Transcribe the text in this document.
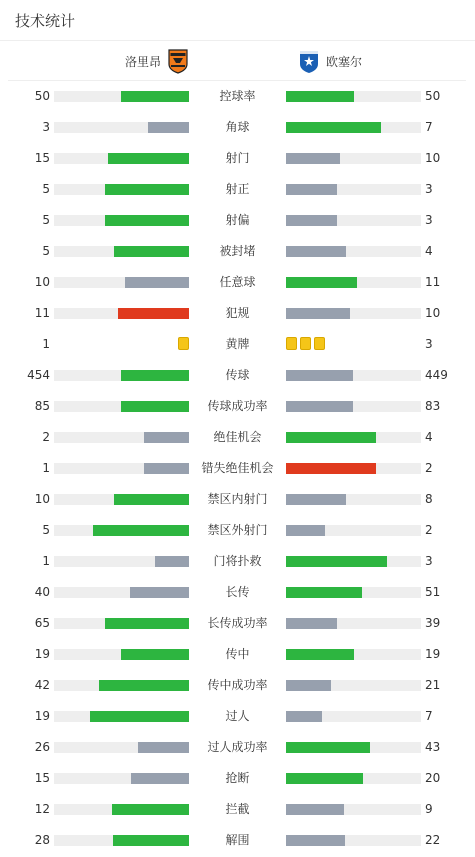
技术统计
洛里昂	欧塞尔
50	控球率	50
3	角球	7
15	射门	10
5	射正	3
5	射偏	3
5	被封堵	4
10	任意球	11
11	犯规	10
1	黄牌	3
454	传球	449
85	传球成功率	83
2	绝佳机会	4
1	错失绝佳机会	2
10	禁区内射门	8
5	禁区外射门	2
1	门将扑救	3
40	长传	51
65	长传成功率	39
19	传中	19
42	传中成功率	21
19	过人	7
26	过人成功率	43
15	抢断	20
12	拦截	9
28	解围	22
